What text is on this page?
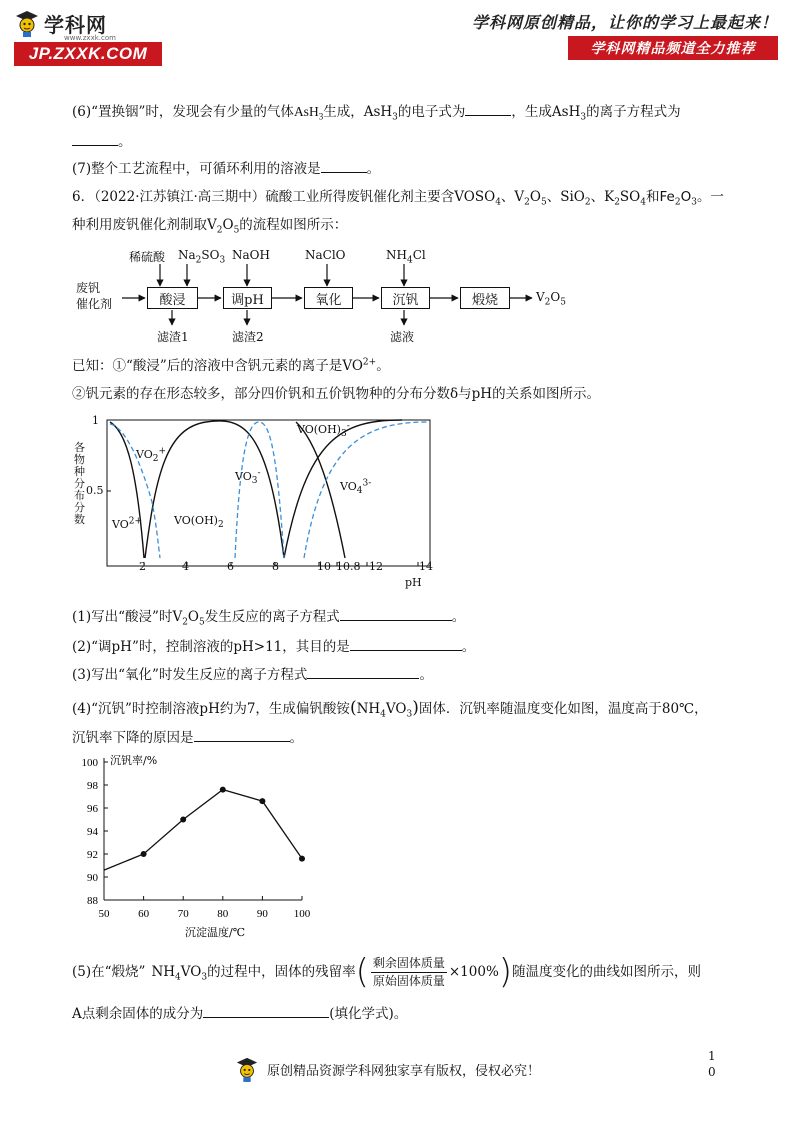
学科网
www.zxxk.com
JP.ZXXK.COM
学科网原创精品，让你的学习上最起来！
学科网精品频道全力推荐
(6)“置换铟”时，发现会有少量的气体AsH$_3$生成，AsH$_3$的电子式为	，生成AsH$_3$的离子方程式为
。
(7)整个工艺流程中，可循环利用的溶液是	。
6．（2022·江苏镇江·高三期中）硫酸工业所得废钒催化剂主要含$VOSO_4$、$V_2O_5$、SiO$_2$、$K_2SO_4$和$Fe_2O_3$。一
种利用废钒催化剂制取$V_2O_5$的流程如图所示：
废钒
催化剂	酸浸	调pH	氧化	沉钒	煅烧
稀硫酸 $Na_2SO_3$ NaOH	NaClO	$NH_4Cl$
滤渣1	滤渣2	滤液
$V_2O_5$
已知：①“酸浸”后的溶液中含钒元素的离子是$VO^{2+}$。
②钒元素的存在形态较多，部分四价钒和五价钒物种的分布分数δ与pH的关系如图所示。
各物种分布分数
1
0.5
2	4	6	8	10 10.8 12	14
pH
$VO_2^+$
$VO^{2+}$	$VO(OH)_2$
$VO_3^-$
$VO(OH)_3^-$
$VO_4^{3-}$
(1)写出“酸浸”时$V_2O_5$发生反应的离子方程式	。
(2)“调pH”时，控制溶液的pH>11，其目的是	。
(3)写出“氧化”时发生反应的离子方程式	。
(4)“沉钒”时控制溶液pH约为7，生成偏钒酸铵$(NH_4VO_3)$固体．沉钒率随温度变化如图，温度高于80℃，
沉钒率下降的原因是	。
100
98
96
94
92
90
88
50	60	70	80	90 100
沉钒率/%
沉淀温度/℃
(5)在“煅烧” $NH_4VO_3$ 的过程中，固体的残留率 ( $\frac{\text{剩余固体质量}}{\text{原始固体质量}} \times 100\%$ ) 随温度变化的曲线如图所示，则
A点剩余固体的成分为	(填化学式)。
原创精品资源学科网独家享有版权，侵权必究！
1
0
